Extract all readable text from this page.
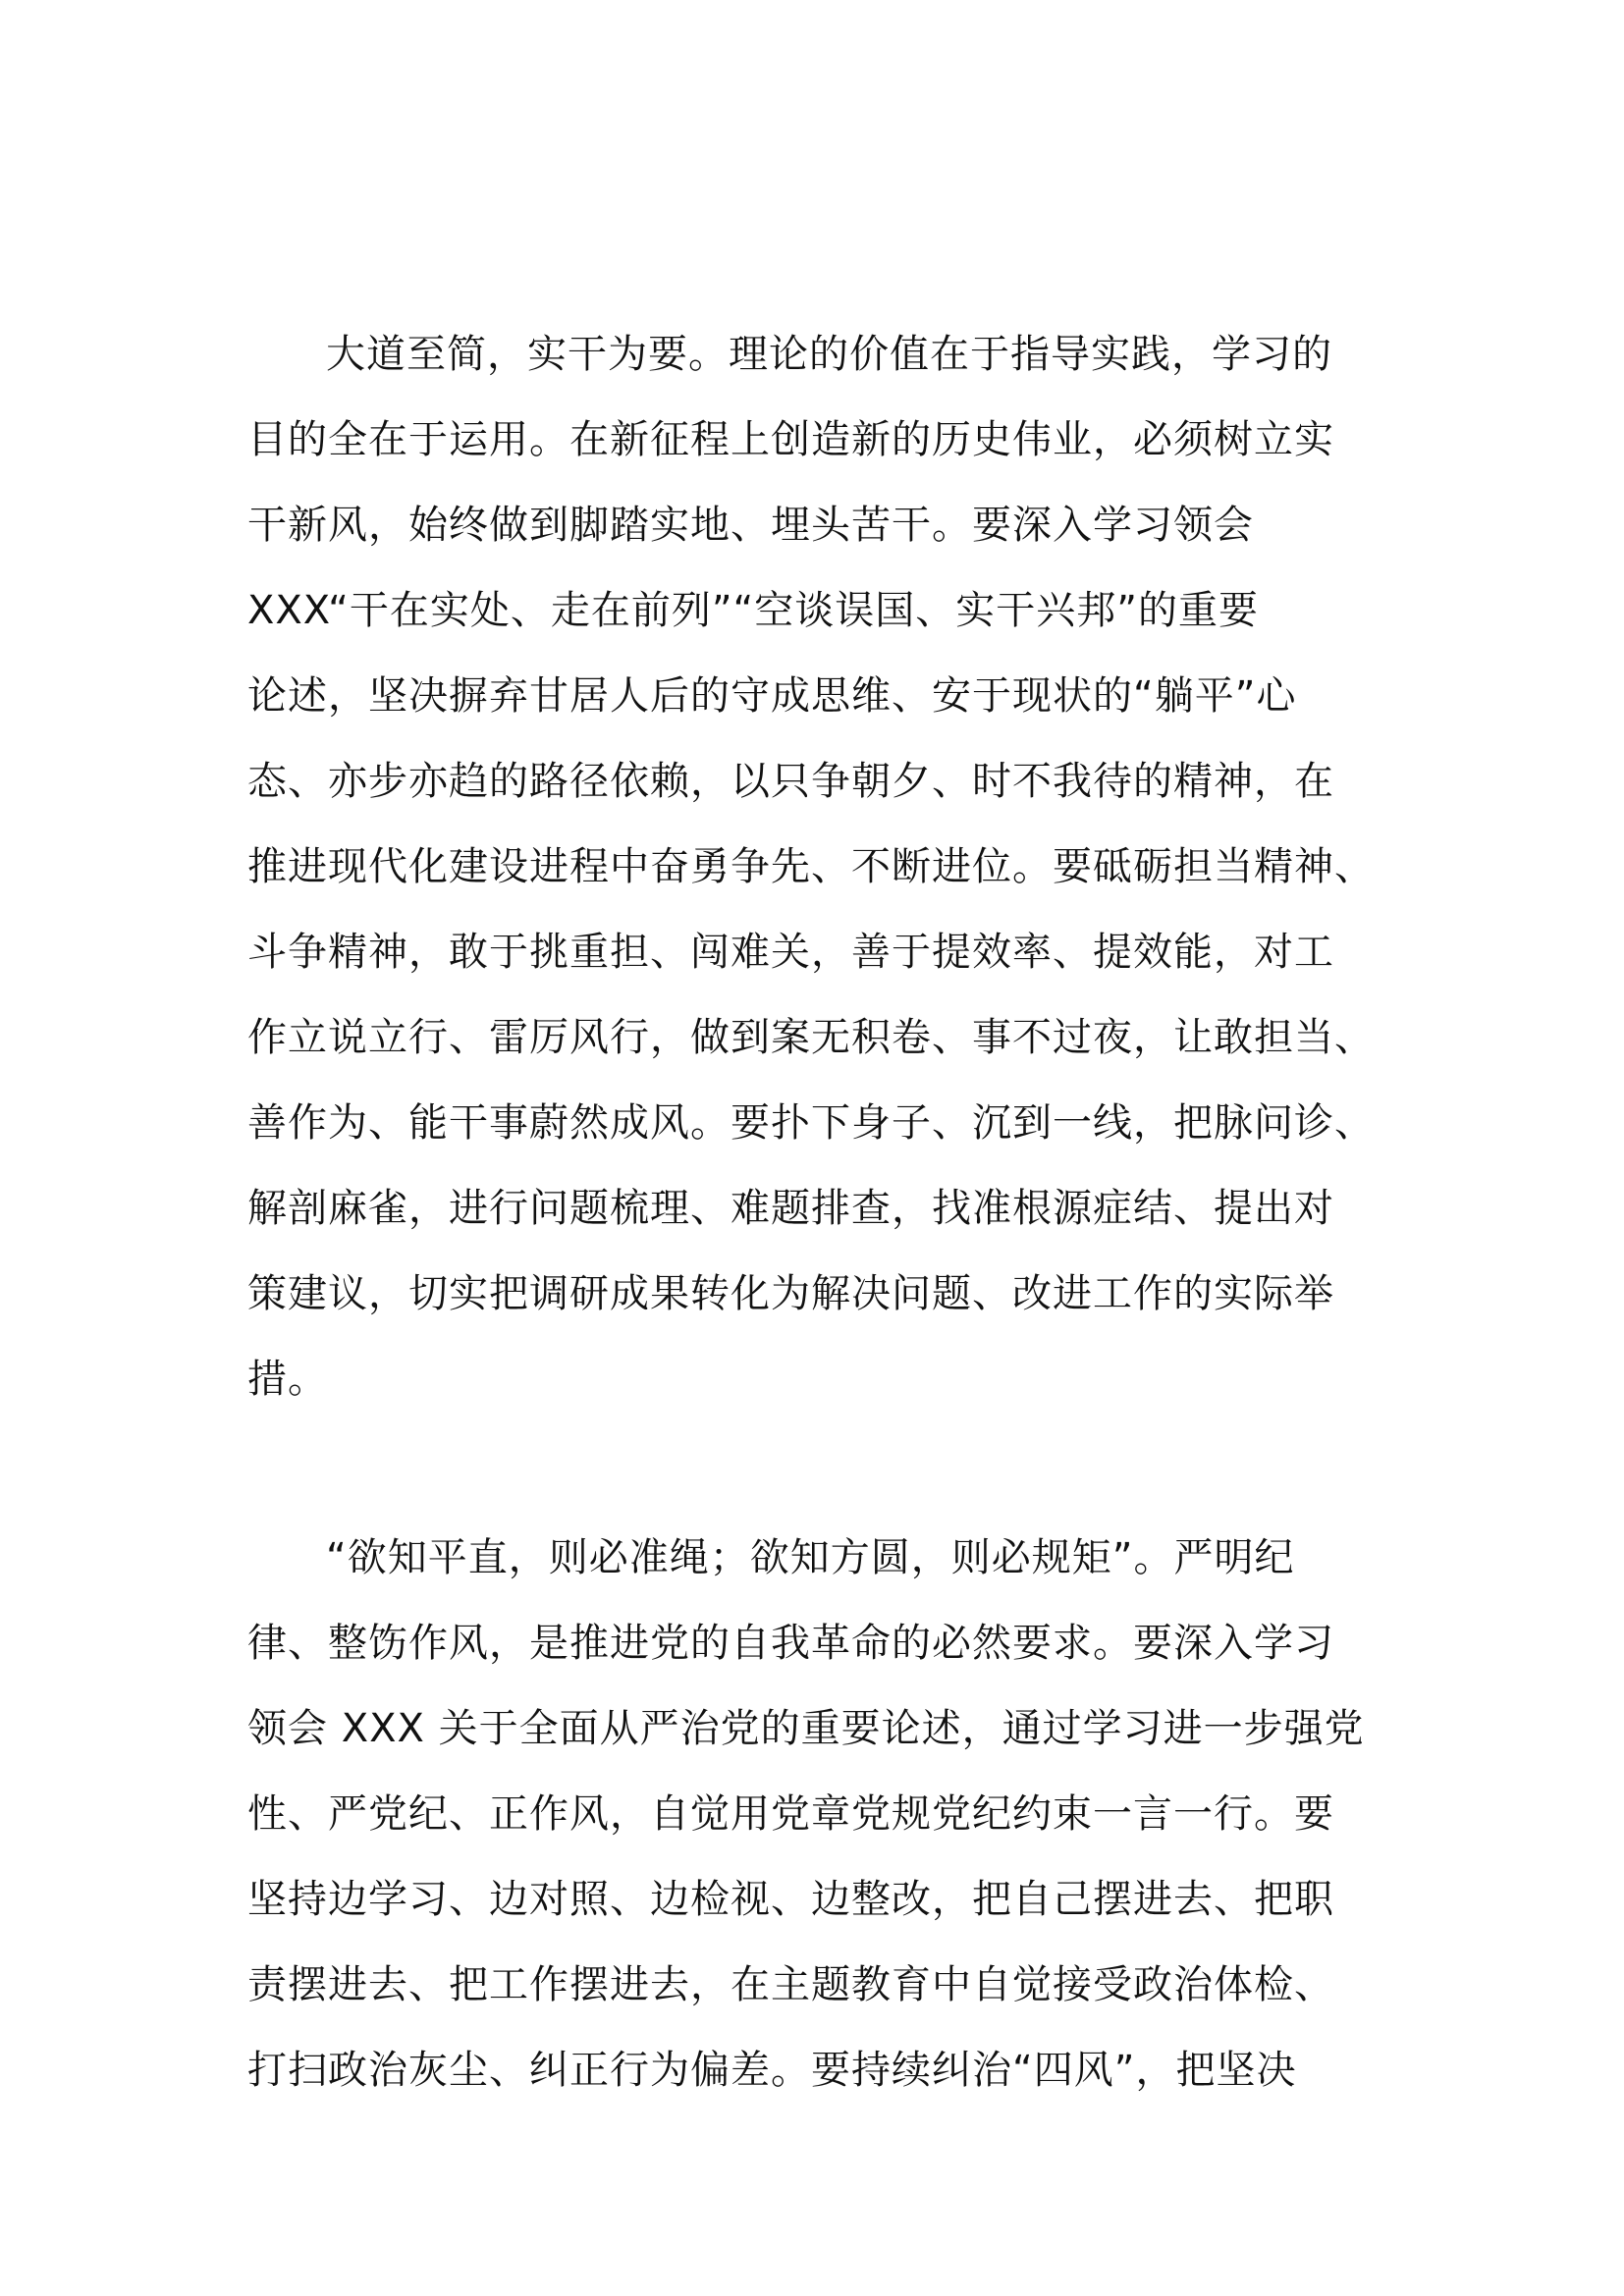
大道至简，实干为要。理论的价值在于指导实践，学习的
目的全在于运用。在新征程上创造新的历史伟业，必须树立实
干新风，始终做到脚踏实地、埋头苦干。要深入学习领会
XXX“干在实处、走在前列”“空谈误国、实干兴邦”的重要
论述，坚决摒弃甘居人后的守成思维、安于现状的“躺平”心
态、亦步亦趋的路径依赖，以只争朝夕、时不我待的精神，在
推进现代化建设进程中奋勇争先、不断进位。要砥砺担当精神、
斗争精神，敢于挑重担、闯难关，善于提效率、提效能，对工
作立说立行、雷厉风行，做到案无积卷、事不过夜，让敢担当、
善作为、能干事蔚然成风。要扑下身子、沉到一线，把脉问诊、
解剖麻雀，进行问题梳理、难题排查，找准根源症结、提出对
策建议，切实把调研成果转化为解决问题、改进工作的实际举
措。
“欲知平直，则必准绳；欲知方圆，则必规矩”。严明纪
律、整饬作风，是推进党的自我革命的必然要求。要深入学习
领会 XXX 关于全面从严治党的重要论述，通过学习进一步强党
性、严党纪、正作风，自觉用党章党规党纪约束一言一行。要
坚持边学习、边对照、边检视、边整改，把自己摆进去、把职
责摆进去、把工作摆进去，在主题教育中自觉接受政治体检、
打扫政治灰尘、纠正行为偏差。要持续纠治“四风”，把坚决
